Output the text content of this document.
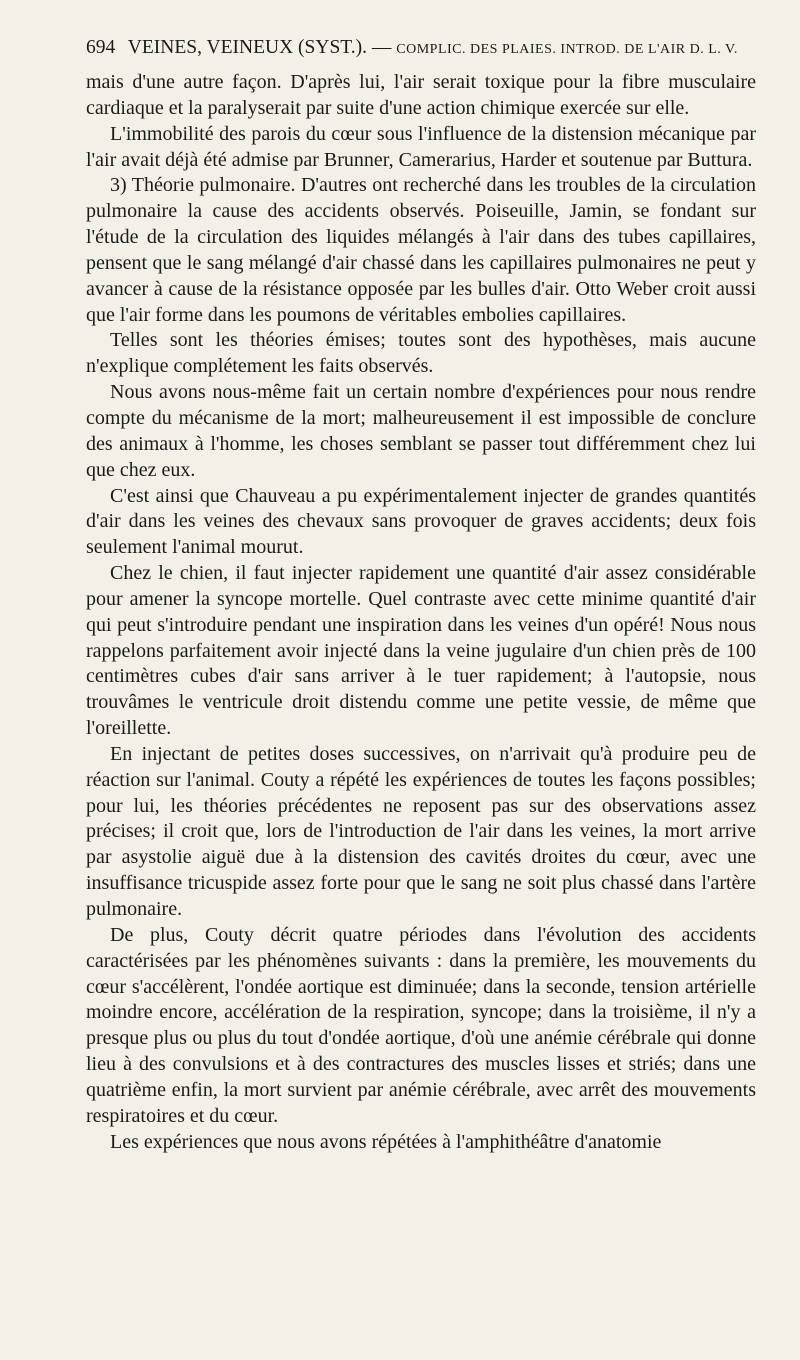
694 VEINES, VEINEUX (SYST.). — COMPLIC. DES PLAIES. INTROD. DE L'AIR D. L. V.

mais d'une autre façon. D'après lui, l'air serait toxique pour la fibre musculaire cardiaque et la paralyserait par suite d'une action chimique exercée sur elle.

L'immobilité des parois du cœur sous l'influence de la distension mécanique par l'air avait déjà été admise par Brunner, Camerarius, Harder et soutenue par Buttura.

3) Théorie pulmonaire. D'autres ont recherché dans les troubles de la circulation pulmonaire la cause des accidents observés. Poiseuille, Jamin, se fondant sur l'étude de la circulation des liquides mélangés à l'air dans des tubes capillaires, pensent que le sang mélangé d'air chassé dans les capillaires pulmonaires ne peut y avancer à cause de la résistance opposée par les bulles d'air. Otto Weber croit aussi que l'air forme dans les poumons de véritables embolies capillaires.

Telles sont les théories émises; toutes sont des hypothèses, mais aucune n'explique complétement les faits observés.

Nous avons nous-même fait un certain nombre d'expériences pour nous rendre compte du mécanisme de la mort; malheureusement il est impossible de conclure des animaux à l'homme, les choses semblant se passer tout différemment chez lui que chez eux.

C'est ainsi que Chauveau a pu expérimentalement injecter de grandes quantités d'air dans les veines des chevaux sans provoquer de graves accidents; deux fois seulement l'animal mourut.

Chez le chien, il faut injecter rapidement une quantité d'air assez considérable pour amener la syncope mortelle. Quel contraste avec cette minime quantité d'air qui peut s'introduire pendant une inspiration dans les veines d'un opéré! Nous nous rappelons parfaitement avoir injecté dans la veine jugulaire d'un chien près de 100 centimètres cubes d'air sans arriver à le tuer rapidement; à l'autopsie, nous trouvâmes le ventricule droit distendu comme une petite vessie, de même que l'oreillette.

En injectant de petites doses successives, on n'arrivait qu'à produire peu de réaction sur l'animal. Couty a répété les expériences de toutes les façons possibles; pour lui, les théories précédentes ne reposent pas sur des observations assez précises; il croit que, lors de l'introduction de l'air dans les veines, la mort arrive par asystolie aiguë due à la distension des cavités droites du cœur, avec une insuffisance tricuspide assez forte pour que le sang ne soit plus chassé dans l'artère pulmonaire.

De plus, Couty décrit quatre périodes dans l'évolution des accidents caractérisées par les phénomènes suivants : dans la première, les mouvements du cœur s'accélèrent, l'ondée aortique est diminuée; dans la seconde, tension artérielle moindre encore, accélération de la respiration, syncope; dans la troisième, il n'y a presque plus ou plus du tout d'ondée aortique, d'où une anémie cérébrale qui donne lieu à des convulsions et à des contractures des muscles lisses et striés; dans une quatrième enfin, la mort survient par anémie cérébrale, avec arrêt des mouvements respiratoires et du cœur.

Les expériences que nous avons répétées à l'amphithéâtre d'anatomie
